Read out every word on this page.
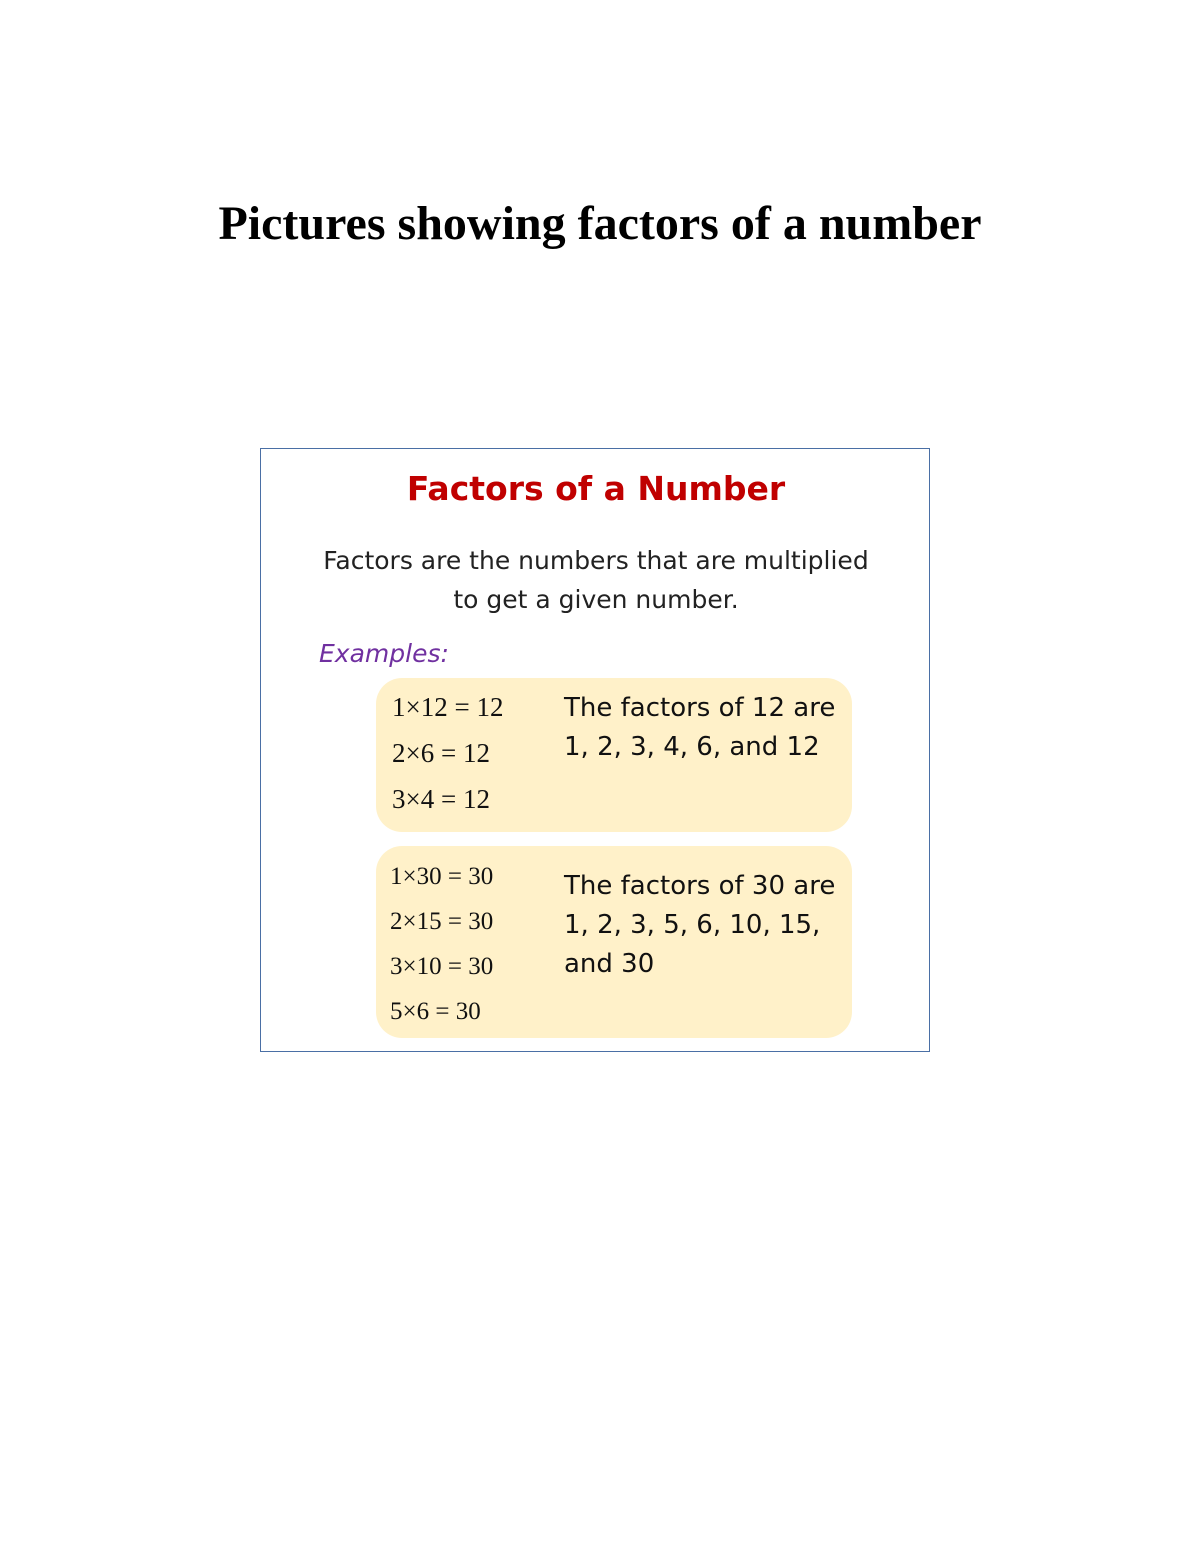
Pictures showing factors of a number
Factors of a Number
Factors are the numbers that are multiplied
to get a given number.
Examples:
1×12 = 12
2×6 = 12
3×4 = 12
The factors of 12 are
1, 2, 3, 4, 6, and 12
1×30 = 30
2×15 = 30
3×10 = 30
5×6 = 30
The factors of 30 are
1, 2, 3, 5, 6, 10, 15,
and 30
